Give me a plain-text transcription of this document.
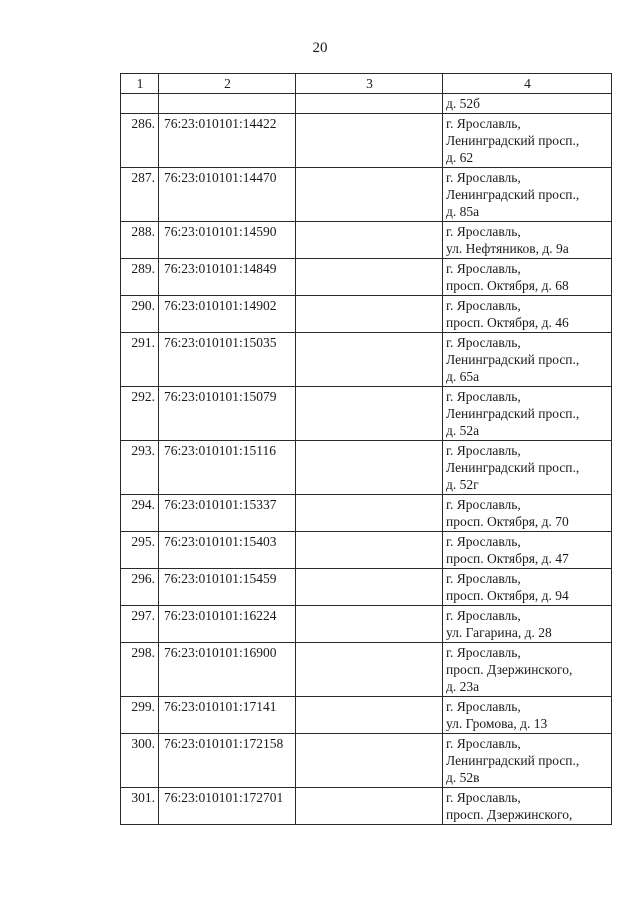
20
1	2	3	4

			д. 52б

286.	76:23:010101:14422		г. Ярославль,
Ленинградский просп.,
д. 62

287.	76:23:010101:14470		г. Ярославль,
Ленинградский просп.,
д. 85а

288.	76:23:010101:14590		г. Ярославль,
ул. Нефтяников, д. 9а

289.	76:23:010101:14849		г. Ярославль,
просп. Октября, д. 68

290.	76:23:010101:14902		г. Ярославль,
просп. Октября, д. 46

291.	76:23:010101:15035		г. Ярославль,
Ленинградский просп.,
д. 65а

292.	76:23:010101:15079		г. Ярославль,
Ленинградский просп.,
д. 52а

293.	76:23:010101:15116		г. Ярославль,
Ленинградский просп.,
д. 52г

294.	76:23:010101:15337		г. Ярославль,
просп. Октября, д. 70

295.	76:23:010101:15403		г. Ярославль,
просп. Октября, д. 47

296.	76:23:010101:15459		г. Ярославль,
просп. Октября, д. 94

297.	76:23:010101:16224		г. Ярославль,
ул. Гагарина, д. 28

298.	76:23:010101:16900		г. Ярославль,
просп. Дзержинского,
д. 23а

299.	76:23:010101:17141		г. Ярославль,
ул. Громова, д. 13

300.	76:23:010101:172158		г. Ярославль,
Ленинградский просп.,
д. 52в

301.	76:23:010101:172701		г. Ярославль,
просп. Дзержинского,
